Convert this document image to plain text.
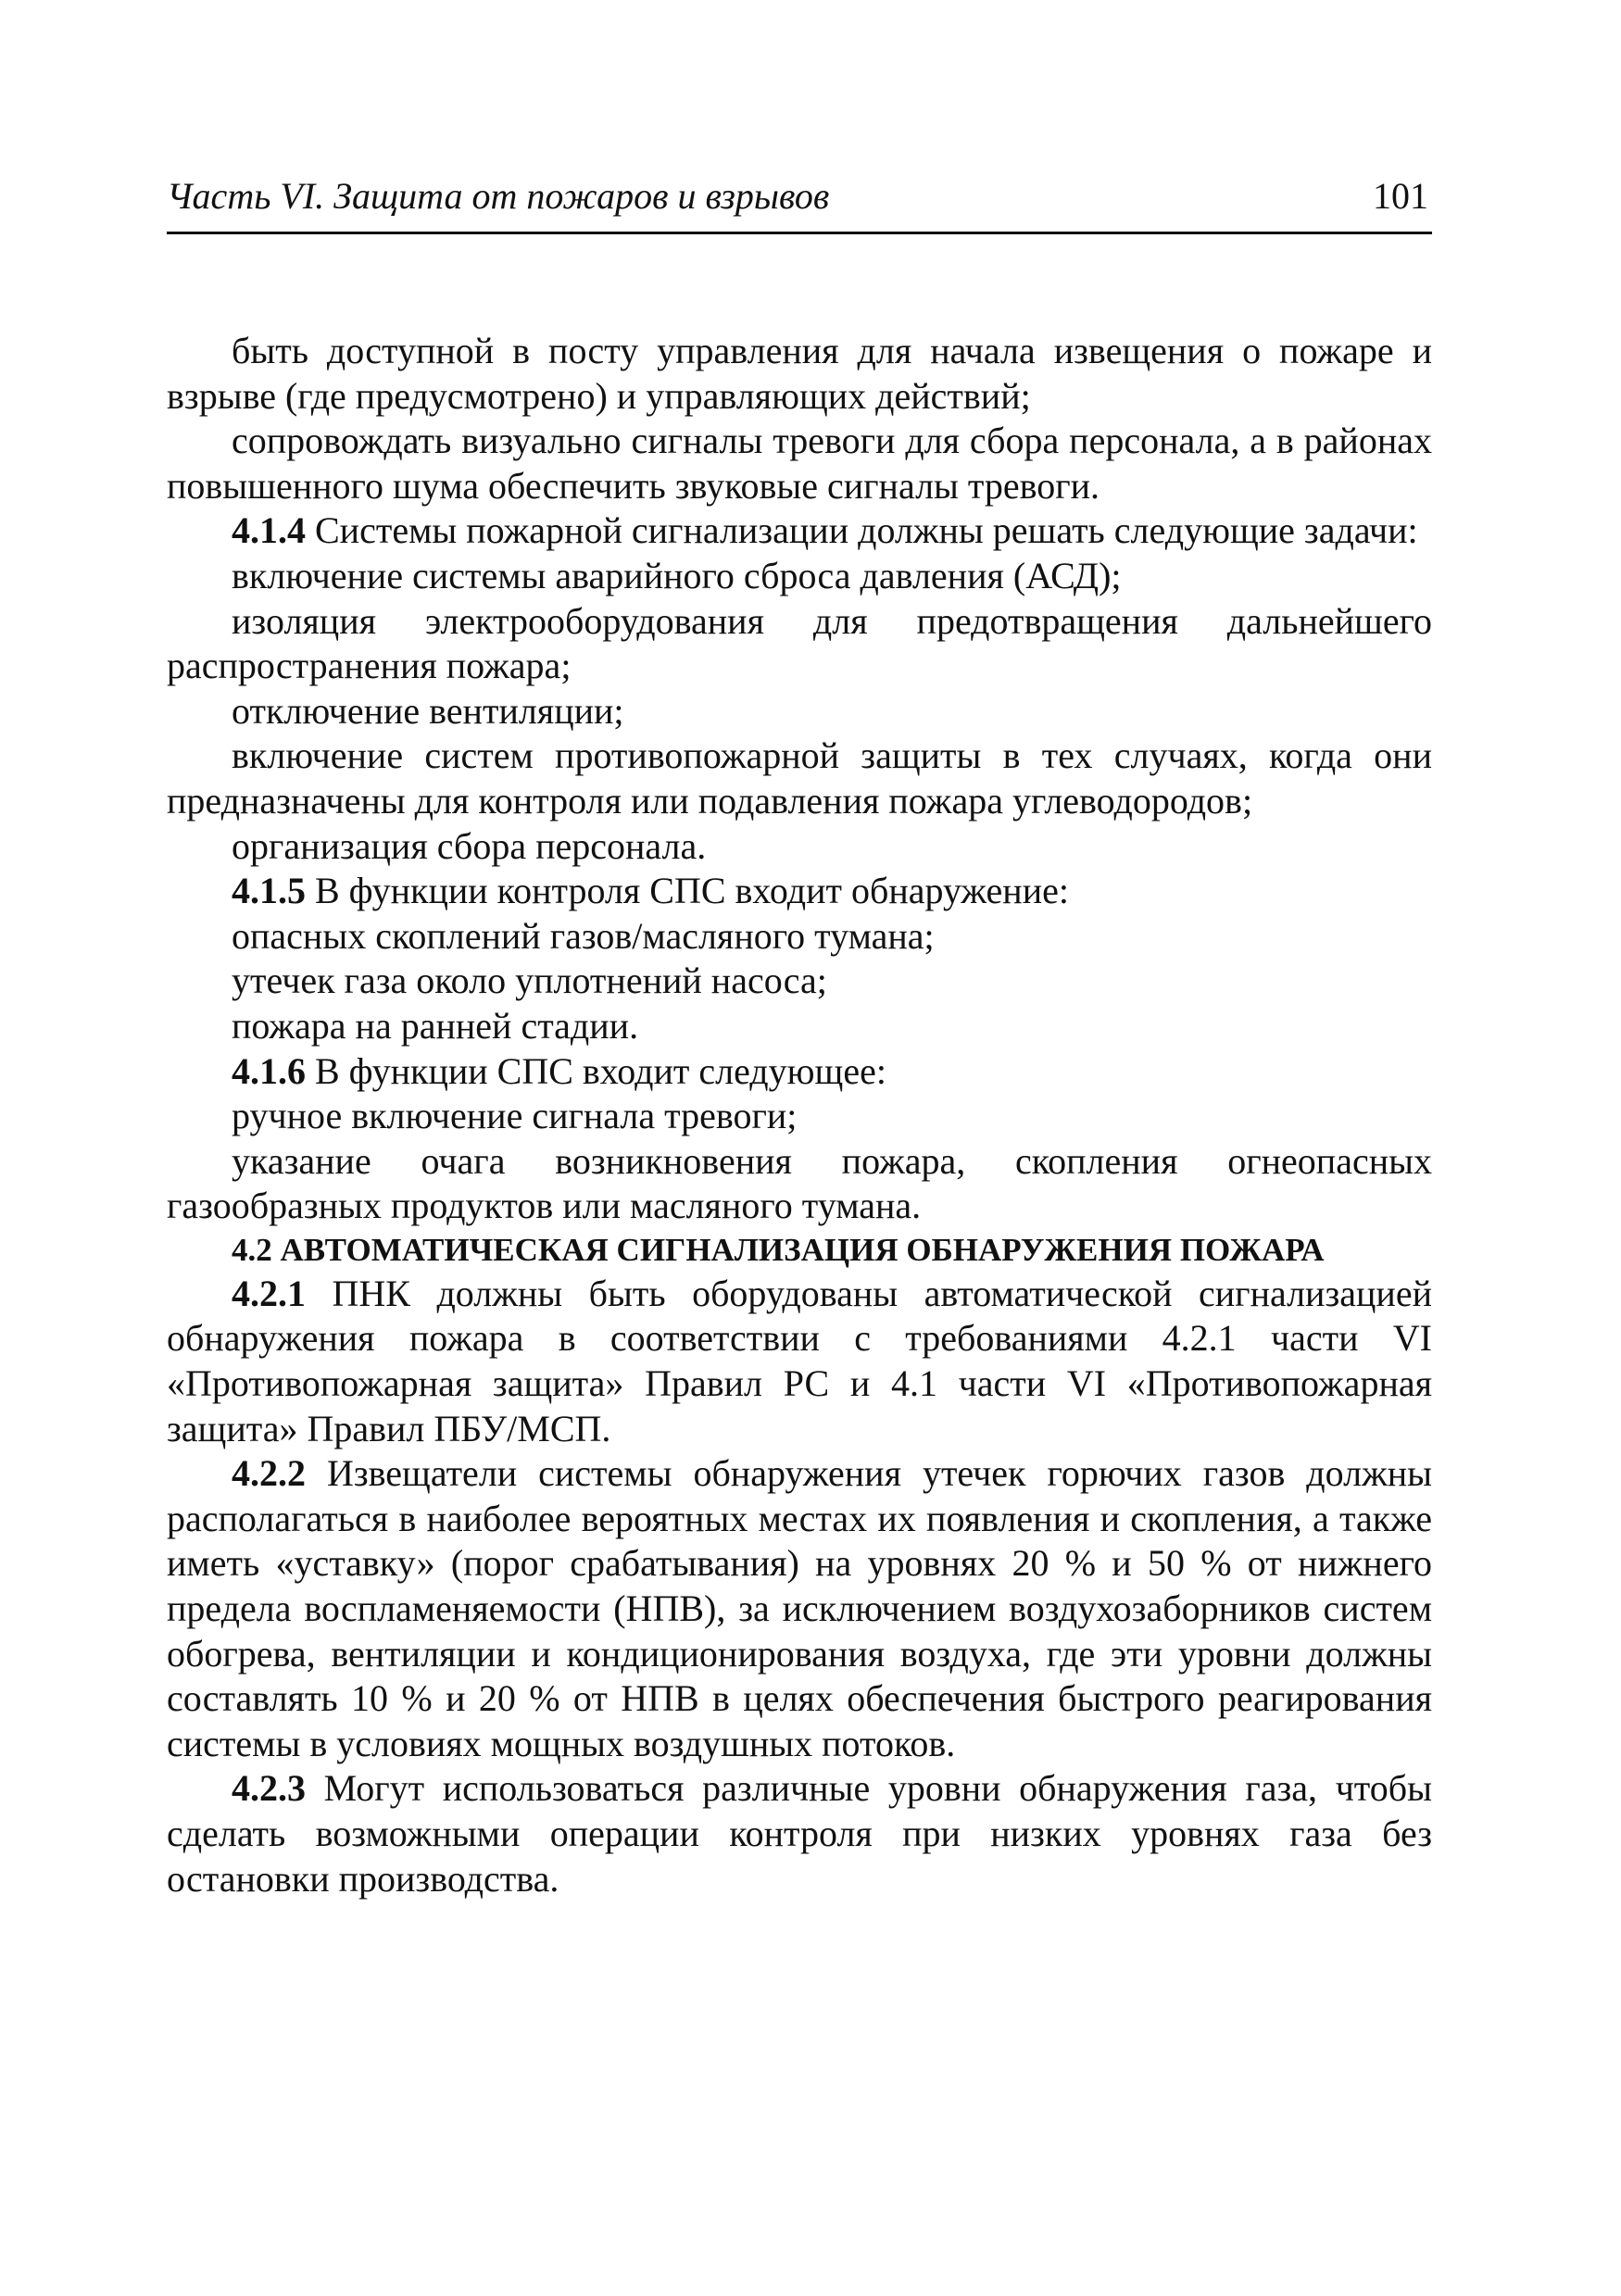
Часть VI. Защита от пожаров и взрывов	101

быть доступной в посту управления для начала извещения о пожаре и взрыве (где предусмотрено) и управляющих действий;

сопровождать визуально сигналы тревоги для сбора персонала, а в районах повышенного шума обеспечить звуковые сигналы тревоги.

4.1.4 Системы пожарной сигнализации должны решать следующие задачи:

включение системы аварийного сброса давления (АСД);

изоляция электрооборудования для предотвращения дальнейшего распространения пожара;

отключение вентиляции;

включение систем противопожарной защиты в тех случаях, когда они предназначены для контроля или подавления пожара углеводородов;

организация сбора персонала.

4.1.5 В функции контроля СПС входит обнаружение:

опасных скоплений газов/масляного тумана;

утечек газа около уплотнений насоса;

пожара на ранней стадии.

4.1.6 В функции СПС входит следующее:

ручное включение сигнала тревоги;

указание очага возникновения пожара, скопления огнеопасных газообразных продуктов или масляного тумана.

4.2 АВТОМАТИЧЕСКАЯ СИГНАЛИЗАЦИЯ ОБНАРУЖЕНИЯ ПОЖАРА

4.2.1 ПНК должны быть оборудованы автоматической сигнализацией обнаружения пожара в соответствии с требованиями 4.2.1 части VI «Противопожарная защита» Правил РС и 4.1 части VI «Противопожарная защита» Правил ПБУ/МСП.

4.2.2 Извещатели системы обнаружения утечек горючих газов должны располагаться в наиболее вероятных местах их появления и скопления, а также иметь «уставку» (порог срабатывания) на уровнях 20 % и 50 % от нижнего предела воспламеняемости (НПВ), за исключением воздухозаборников систем обогрева, вентиляции и кондиционирования воздуха, где эти уровни должны составлять 10 % и 20 % от НПВ в целях обеспечения быстрого реагирования системы в условиях мощных воздушных потоков.

4.2.3 Могут использоваться различные уровни обнаружения газа, чтобы сделать возможными операции контроля при низких уровнях газа без остановки производства.
